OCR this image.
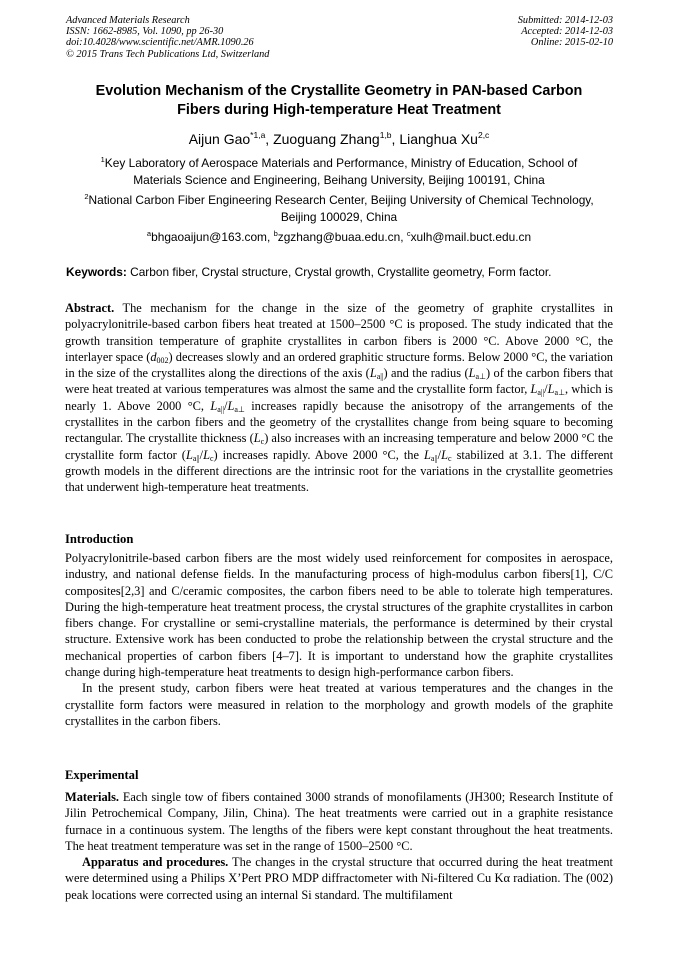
Advanced Materials Research
ISSN: 1662-8985, Vol. 1090, pp 26-30
doi:10.4028/www.scientific.net/AMR.1090.26
© 2015 Trans Tech Publications Ltd, Switzerland
Submitted: 2014-12-03
Accepted: 2014-12-03
Online: 2015-02-10
Evolution Mechanism of the Crystallite Geometry in PAN-based Carbon
Fibers during High-temperature Heat Treatment
Aijun Gao$^{*1,a}$, Zuoguang Zhang$^{1,b}$, Lianghua Xu$^{2,c}$
$^1$Key Laboratory of Aerospace Materials and Performance, Ministry of Education, School of
Materials Science and Engineering, Beihang University, Beijing 100191, China
$^2$National Carbon Fiber Engineering Research Center, Beijing University of Chemical Technology,
Beijing 100029, China
$^a$bhgaoaijun@163.com, $^b$zgzhang@buaa.edu.cn, $^c$xulh@mail.buct.edu.cn
Keywords: Carbon fiber, Crystal structure, Crystal growth, Crystallite geometry, Form factor.

Abstract. The mechanism for the change in the size of the geometry of graphite crystallites in polyacrylonitrile-based carbon fibers heat treated at 1500–2500 °C is proposed. The study indicated that the growth transition temperature of graphite crystallites in carbon fibers is 2000 °C. Above 2000 °C, the interlayer space $(d_{002})$ decreases slowly and an ordered graphitic structure forms. Below 2000 °C, the variation in the size of the crystallites along the directions of the axis $(L_{a||})$ and the radius $(L_{a\perp})$ of the carbon fibers that were heat treated at various temperatures was almost the same and the crystallite form factor, $L_{a||}/L_{a\perp}$, which is nearly 1. Above 2000 °C, $L_{a||}/L_{a\perp}$ increases rapidly because the anisotropy of the arrangements of the crystallites in the carbon fibers and the geometry of the crystallites change from being square to becoming rectangular. The crystallite thickness $(L_c)$ also increases with an increasing temperature and below 2000 °C the crystallite form factor $(L_{a||}/L_c)$ increases rapidly. Above 2000 °C, the $L_{a||}/L_c$ stabilized at 3.1. The different growth models in the different directions are the intrinsic root for the variations in the crystallite geometries that underwent high-temperature heat treatments.

Introduction

Polyacrylonitrile-based carbon fibers are the most widely used reinforcement for composites in aerospace, industry, and national defense fields. In the manufacturing process of high-modulus carbon fibers[1], C/C composites[2,3] and C/ceramic composites, the carbon fibers need to be able to tolerate high temperatures. During the high-temperature heat treatment process, the crystal structures of the graphite crystallites in carbon fibers change. For crystalline or semi-crystalline materials, the performance is determined by their crystal structure. Extensive work has been conducted to probe the relationship between the crystal structure and the mechanical properties of carbon fibers [4–7]. It is important to understand how the graphite crystallites change during high-temperature heat treatments to design high-performance carbon fibers.

In the present study, carbon fibers were heat treated at various temperatures and the changes in the crystallite form factors were measured in relation to the morphology and growth models of the graphite crystallites in the carbon fibers.

Experimental

Materials. Each single tow of fibers contained 3000 strands of monofilaments (JH300; Research Institute of Jilin Petrochemical Company, Jilin, China). The heat treatments were carried out in a graphite resistance furnace in a continuous system. The lengths of the fibers were kept constant throughout the heat treatments. The heat treatment temperature was set in the range of 1500–2500 °C.

Apparatus and procedures. The changes in the crystal structure that occurred during the heat treatment were determined using a Philips X’Pert PRO MDP diffractometer with Ni-filtered Cu Kα radiation. The (002) peak locations were corrected using an internal Si standard. The multifilament
